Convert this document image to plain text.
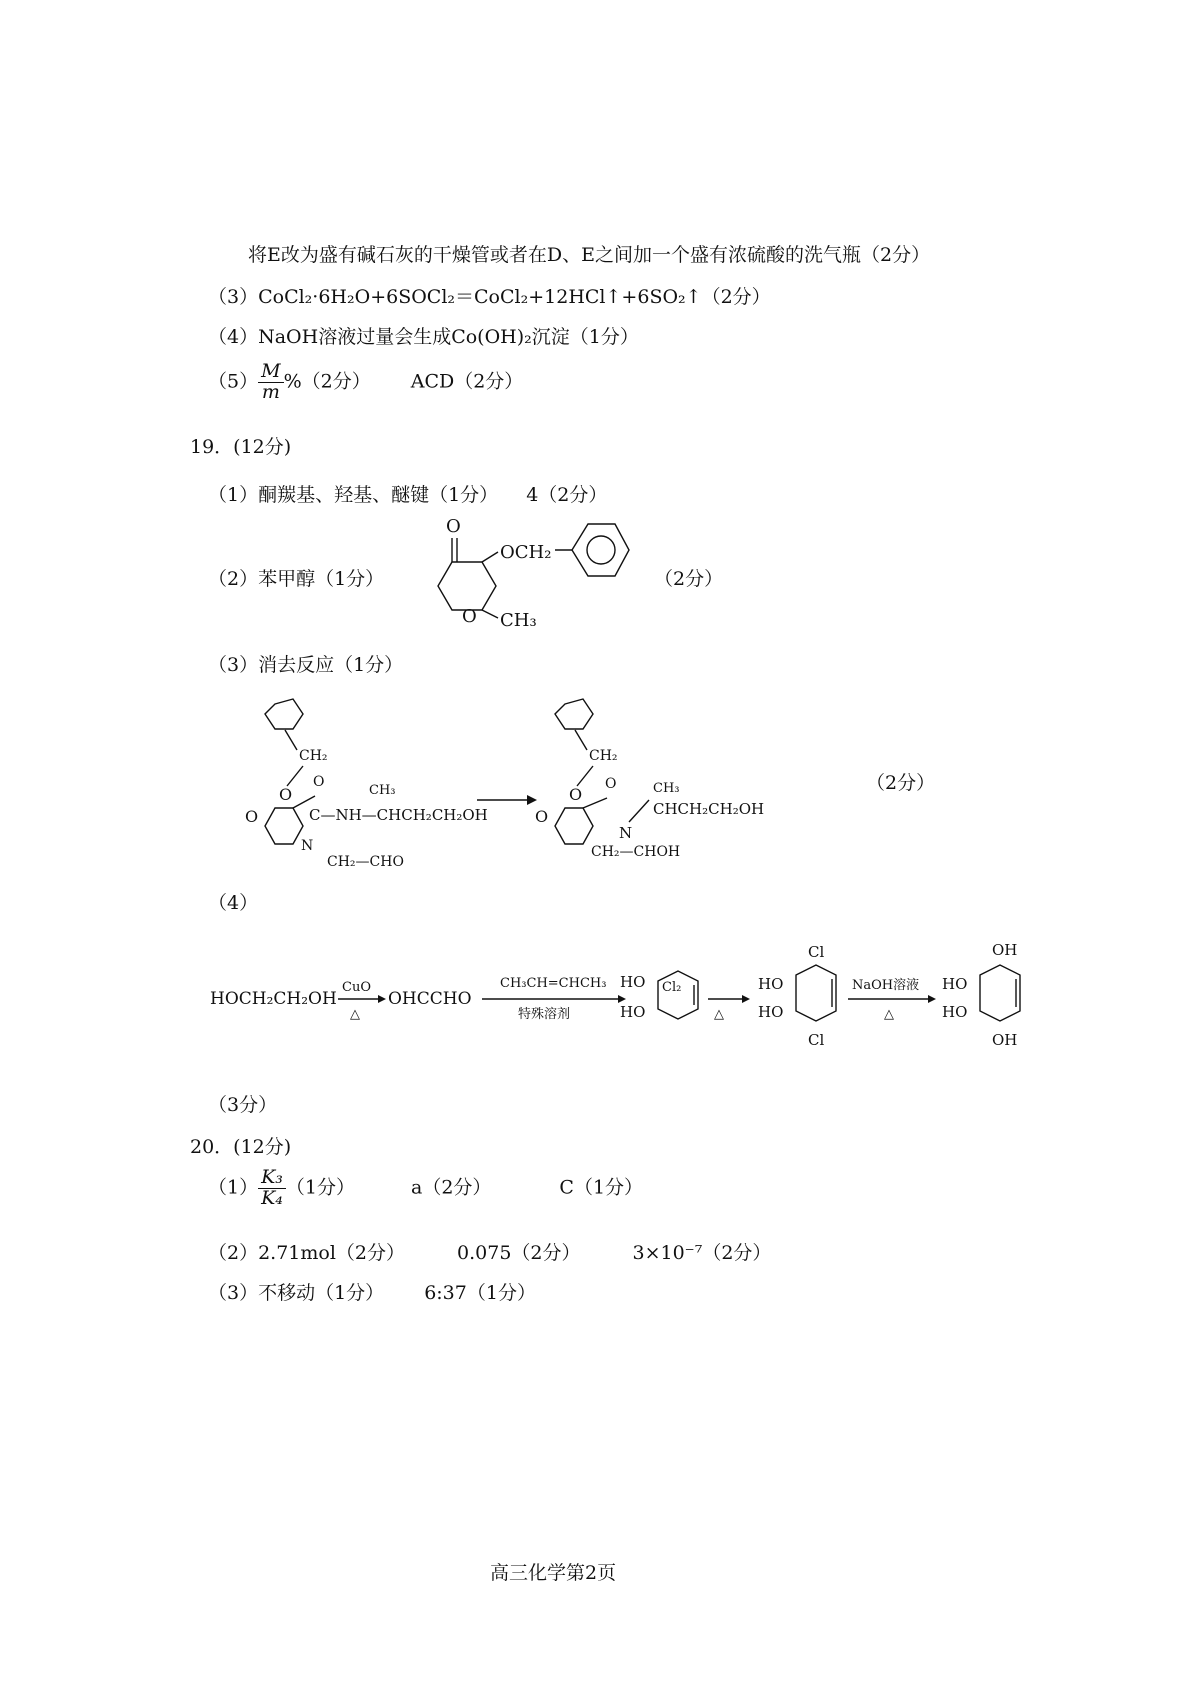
将E改为盛有碱石灰的干燥管或者在D、E之间加一个盛有浓硫酸的洗气瓶（2分）
（3）CoCl₂·6H₂O+6SOCl₂＝CoCl₂+12HCl↑+6SO₂↑（2分）
（4）NaOH溶液过量会生成Co(OH)₂沉淀（1分）
$(5) \frac{M}{m} \%(2$分） ACD（2分）
19．(12分)
（1）酮羰基、羟基、醚键（1分） 4（2分）
（2）苯甲醇（1分）
O
OCH₂
O CH₃
（2分）
（3）消去反应（1分）
CH₂
O
O
O
C—NH—CHCH₂CH₂OH
CH₃
N
CH₂—CHO
CH₂
O
O
O
N
CH₃
CHCH₂CH₂OH
CH₂—CHOH
（2分）
（4）
HOCH₂CH₂OH
CuO
△
OHCCHO
CH₃CH=CHCH₃
特殊溶剂
HO
HO
Cl₂
△
Cl
HO
HO
Cl
NaOH溶液
△
OH
HO
HO
OH
（3分）
20．(12分)
$(1) \frac{\text{K₃}}{\text{K₄}} (1$分）	a（2分）	C（1分）
（2）2.71mol（2分）	0.075（2分）	3×10⁻⁷（2分）
（3）不移动（1分） 6:37（1分）
高三化学第2页
